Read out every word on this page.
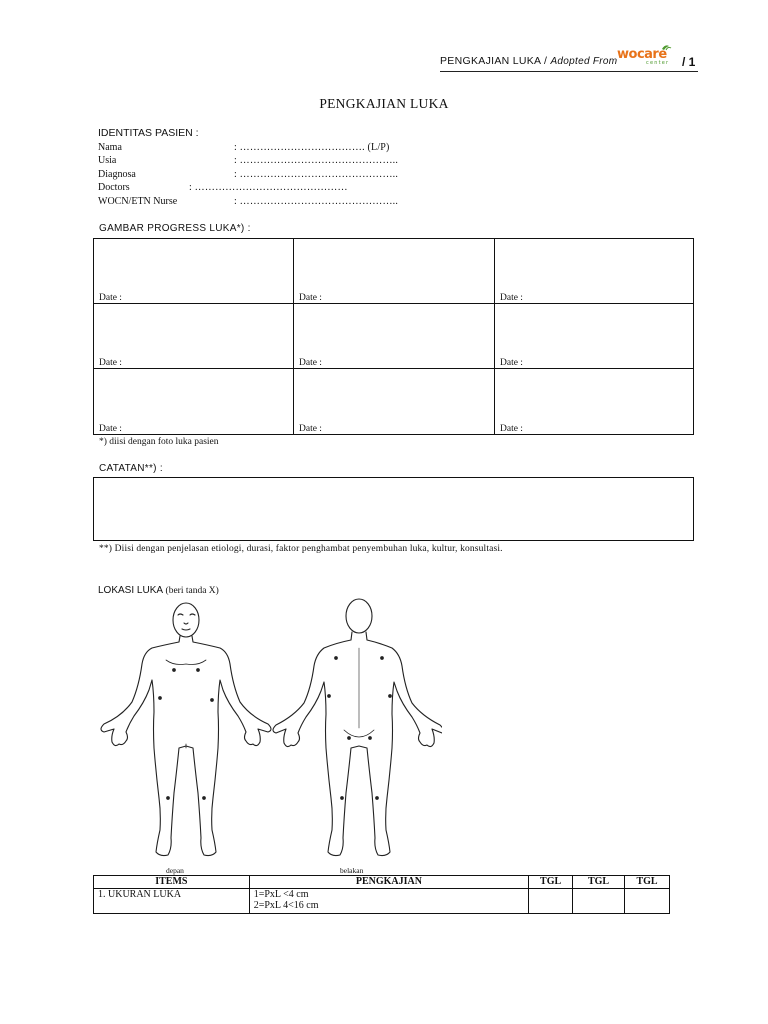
PENGKAJIAN LUKA / Adopted From wocare
center / 1
PENGKAJIAN LUKA
IDENTITAS PASIEN :
Nama	: ………………………………. (L/P)
Usia	: ………………………………………..
Diagnosa	: ………………………………………..
Doctors	: ………………………………………
WOCN/ETN Nurse	: ………………………………………..
GAMBAR PROGRESS LUKA*) :
Date :	Date :	Date :
Date :	Date :	Date :
Date :	Date :	Date :
*) diisi dengan foto luka pasien
CATATAN**) :
**) Diisi dengan penjelasan etiologi, durasi, faktor penghambat penyembuhan luka, kultur, konsultasi.
LOKASI LUKA (beri tanda X)
depan	belakan
ITEMS	PENGKAJIAN	TGL	TGL	TGL
1. UKURAN LUKA	1=PxL <4 cm
2=PxL 4<16 cm			
